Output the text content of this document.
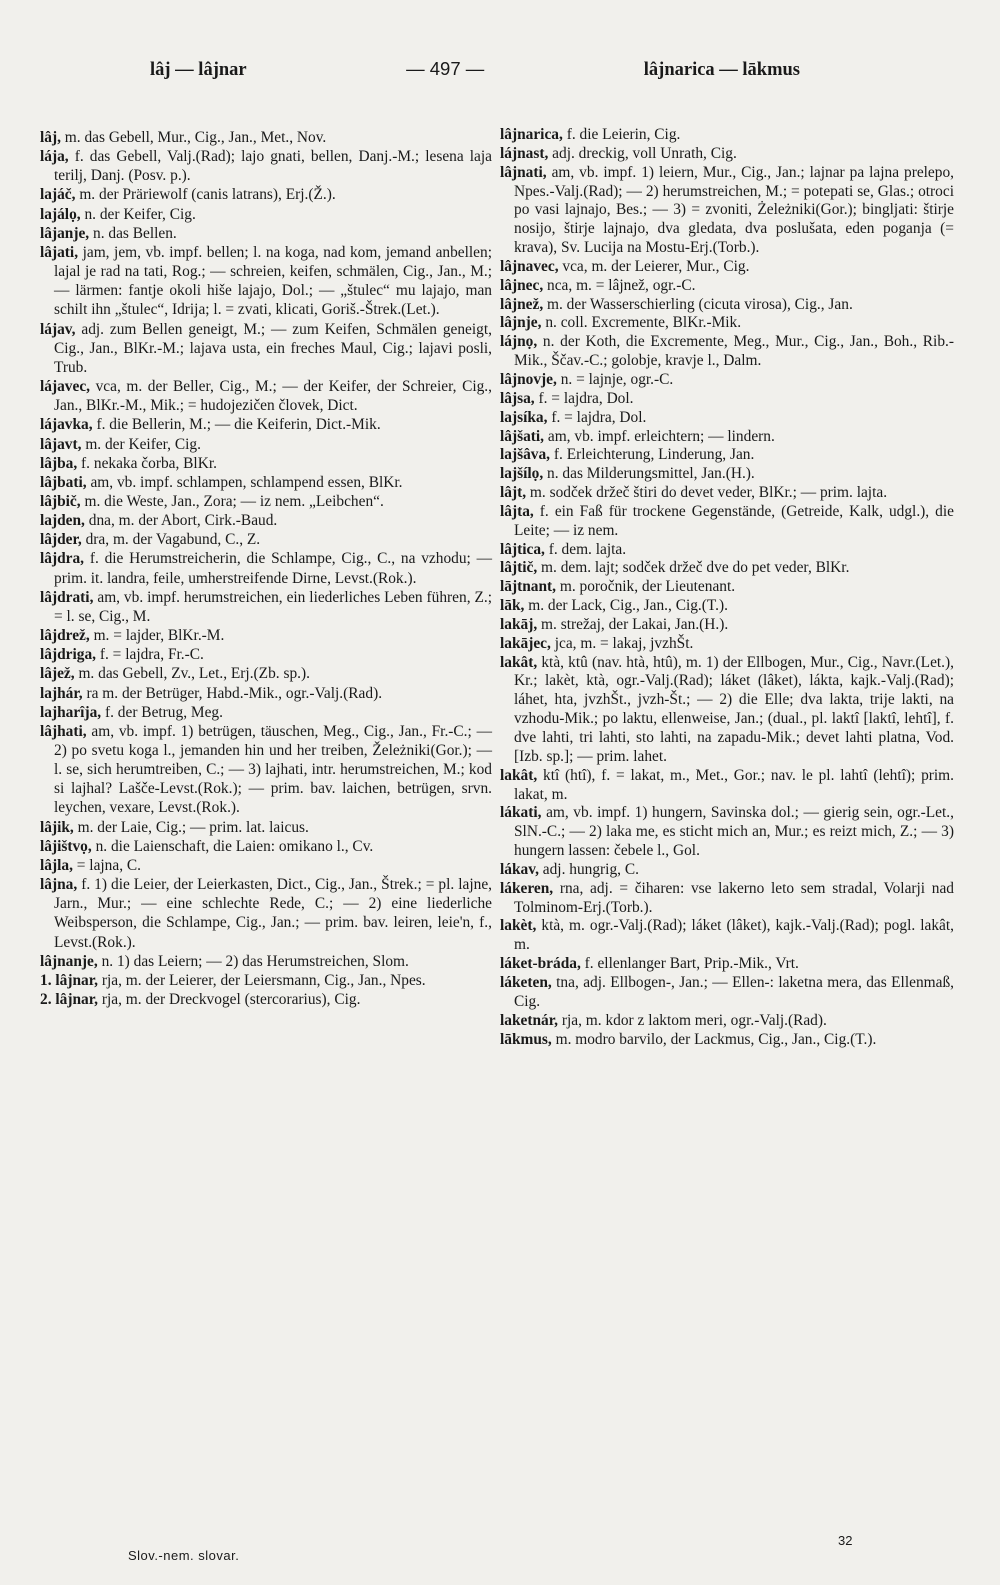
lâj — lâjnar	— 497 —	lâjnarica — lākmus

lâj, m. das Gebell, Mur., Cig., Jan., Met., Nov.

lája, f. das Gebell, Valj.(Rad); lajo gnati, bellen, Danj.-M.; lesena laja terilj, Danj. (Posv. p.).

lajáč, m. der Präriewolf (canis latrans), Erj.(Ž.).

lajálọ, n. der Keifer, Cig.

lâjanje, n. das Bellen.

lâjati, jam, jem, vb. impf. bellen; l. na koga, nad kom, jemand anbellen; lajal je rad na tati, Rog.; — schreien, keifen, schmälen, Cig., Jan., M.; — lärmen: fantje okoli hiše lajajo, Dol.; — „štulec“ mu lajajo, man schilt ihn „štulec“, Idrija; l. = zvati, klicati, Goriš.-Štrek.(Let.).

lájav, adj. zum Bellen geneigt, M.; — zum Keifen, Schmälen geneigt, Cig., Jan., BlKr.-M.; lajava usta, ein freches Maul, Cig.; lajavi posli, Trub.

lájavec, vca, m. der Beller, Cig., M.; — der Keifer, der Schreier, Cig., Jan., BlKr.-M., Mik.; = hudojezičen človek, Dict.

lájavka, f. die Bellerin, M.; — die Keiferin, Dict.-Mik.

lâjavt, m. der Keifer, Cig.

lâjba, f. nekaka čorba, BlKr.

lâjbati, am, vb. impf. schlampen, schlampend essen, BlKr.

lâjbič, m. die Weste, Jan., Zora; — iz nem. „Leibchen“.

lajden, dna, m. der Abort, Cirk.-Baud.

lâjder, dra, m. der Vagabund, C., Z.

lâjdra, f. die Herumstreicherin, die Schlampe, Cig., C., na vzhodu; — prim. it. landra, feile, umherstreifende Dirne, Levst.(Rok.).

lâjdrati, am, vb. impf. herumstreichen, ein liederliches Leben führen, Z.; = l. se, Cig., M.

lâjdrež, m. = lajder, BlKr.-M.

lâjdriga, f. = lajdra, Fr.-C.

lâjež, m. das Gebell, Zv., Let., Erj.(Zb. sp.).

lajhár, ra m. der Betrüger, Habd.-Mik., ogr.-Valj.(Rad).

lajharîja, f. der Betrug, Meg.

lâjhati, am, vb. impf. 1) betrügen, täuschen, Meg., Cig., Jan., Fr.-C.; — 2) po svetu koga l., jemanden hin und her treiben, Želeżniki(Gor.); — l. se, sich herumtreiben, C.; — 3) lajhati, intr. herumstreichen, M.; kod si lajhal? Lašče-Levst.(Rok.); — prim. bav. laichen, betrügen, srvn. leychen, vexare, Levst.(Rok.).

lâjik, m. der Laie, Cig.; — prim. lat. laicus.

lâjištvọ, n. die Laienschaft, die Laien: omikano l., Cv.

lâjla, = lajna, C.

lâjna, f. 1) die Leier, der Leierkasten, Dict., Cig., Jan., Štrek.; = pl. lajne, Jarn., Mur.; — eine schlechte Rede, C.; — 2) eine liederliche Weibsperson, die Schlampe, Cig., Jan.; — prim. bav. leiren, leie'n, f., Levst.(Rok.).

lâjnanje, n. 1) das Leiern; — 2) das Herumstreichen, Slom.

1. lâjnar, rja, m. der Leierer, der Leiersmann, Cig., Jan., Npes.

2. lâjnar, rja, m. der Dreckvogel (stercorarius), Cig.

lâjnarica, f. die Leierin, Cig.

lájnast, adj. dreckig, voll Unrath, Cig.

lâjnati, am, vb. impf. 1) leiern, Mur., Cig., Jan.; lajnar pa lajna prelepo, Npes.-Valj.(Rad); — 2) herumstreichen, M.; = potepati se, Glas.; otroci po vasi lajnajo, Bes.; — 3) = zvoniti, Żeleżniki(Gor.); bingljati: štirje nosijo, štirje lajnajo, dva gledata, dva poslušata, eden poganja (= krava), Sv. Lucija na Mostu-Erj.(Torb.).

lâjnavec, vca, m. der Leierer, Mur., Cig.

lâjnec, nca, m. = lâjnež, ogr.-C.

lâjnež, m. der Wasserschierling (cicuta virosa), Cig., Jan.

lâjnje, n. coll. Excremente, BlKr.-Mik.

lájnọ, n. der Koth, die Excremente, Meg., Mur., Cig., Jan., Boh., Rib.-Mik., Ščav.-C.; golobje, kravje l., Dalm.

lâjnovje, n. = lajnje, ogr.-C.

lâjsa, f. = lajdra, Dol.

lajsíka, f. = lajdra, Dol.

lâjšati, am, vb. impf. erleichtern; — lindern.

lajšâva, f. Erleichterung, Linderung, Jan.

lajšílọ, n. das Milderungsmittel, Jan.(H.).

lâjt, m. sodček držeč štiri do devet veder, BlKr.; — prim. lajta.

lâjta, f. ein Faß für trockene Gegenstände, (Getreide, Kalk, udgl.), die Leite; — iz nem.

lâjtica, f. dem. lajta.

lâjtič, m. dem. lajt; sodček držeč dve do pet veder, BlKr.

lājtnant, m. poročnik, der Lieutenant.

lāk, m. der Lack, Cig., Jan., Cig.(T.).

lakāj, m. strežaj, der Lakai, Jan.(H.).

lakājec, jca, m. = lakaj, jvzhŠt.

lakât, ktà, ktû (nav. htà, htû), m. 1) der Ellbogen, Mur., Cig., Navr.(Let.), Kr.; lakèt, ktà, ogr.-Valj.(Rad); láket (lâket), lákta, kajk.-Valj.(Rad); láhet, hta, jvzhŠt., jvzh-Št.; — 2) die Elle; dva lakta, trije lakti, na vzhodu-Mik.; po laktu, ellenweise, Jan.; (dual., pl. laktî [laktî, lehtî], f. dve lahti, tri lahti, sto lahti, na zapadu-Mik.; devet lahti platna, Vod.[Izb. sp.]; — prim. lahet.

lakât, ktî (htî), f. = lakat, m., Met., Gor.; nav. le pl. lahtî (lehtî); prim. lakat, m.

lákati, am, vb. impf. 1) hungern, Savinska dol.; — gierig sein, ogr.-Let., SlN.-C.; — 2) laka me, es sticht mich an, Mur.; es reizt mich, Z.; — 3) hungern lassen: čebele l., Gol.

lákav, adj. hungrig, C.

lákeren, rna, adj. = čiharen: vse lakerno leto sem stradal, Volarji nad Tolminom-Erj.(Torb.).

lakèt, ktà, m. ogr.-Valj.(Rad); láket (lâket), kajk.-Valj.(Rad); pogl. lakât, m.

láket-bráda, f. ellenlanger Bart, Prip.-Mik., Vrt.

láketen, tna, adj. Ellbogen-, Jan.; — Ellen-: laketna mera, das Ellenmaß, Cig.

laketnár, rja, m. kdor z laktom meri, ogr.-Valj.(Rad).

lākmus, m. modro barvilo, der Lackmus, Cig., Jan., Cig.(T.).

Slov.-nem. slovar.
32
